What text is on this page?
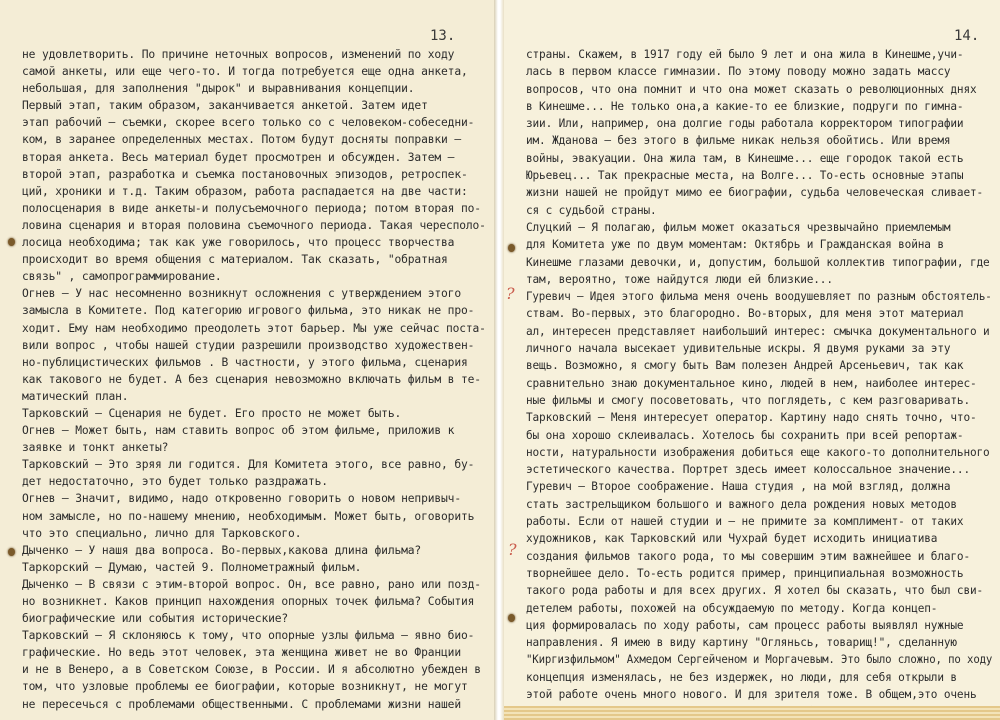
13.
не удовлетворить. По причине неточных вопросов, изменений по ходу
самой анкеты, или еще чего-то. И тогда потребуется еще одна анкета,
небольшая, для заполнения "дырок" и выравнивания концепции.
Первый этап, таким образом, заканчивается анкетой. Затем идет
этап рабочий – съемки, скорее всего только со с человеком-собеседни-
ком, в заранее определенных местах. Потом будут досняты поправки –
вторая анкета. Весь материал будет просмотрен и обсужден. Затем –
второй этап, разработка и съемка постановочных эпизодов, ретроспек-
ций, хроники и т.д. Таким образом, работа распадается на две части:
полосценария в виде анкеты-и полусъемочного периода; потом вторая по-
ловина сценария и вторая половина съемочного периода. Такая чересполо-
лосица необходима; так как уже говорилось, что процесс творчества
происходит во время общения с материалом. Так сказать, "обратная
связь" , самопрограммирование.
Огнев – У нас несомненно возникнут осложнения с утверждением этого
замысла в Комитете. Под категорию игрового фильма, это никак не про-
ходит. Ему нам необходимо преодолеть этот барьер. Мы уже сейчас поста-
вили вопрос , чтобы нашей студии разрешили производство художествен-
но-публицистических фильмов . В частности, у этого фильма, сценария
как такового не будет. А без сценария невозможно включать фильм в те-
матический план.
Тарковский – Сценария не будет. Его просто не может быть.
Огнев – Может быть, нам ставить вопрос об этом фильме, приложив к
заявке и тонкт анкеты?
Тарковский – Это зряя ли годится. Для Комитета этого, все равно, бу-
дет недостаточно, это будет только раздражать.
Огнев – Значит, видимо, надо откровенно говорить о новом непривыч-
ном замысле, но по-нашему мнению, необходимым. Может быть, оговорить
что это специально, лично для Тарковского.
Дыченко – У нашя два вопроса. Во-первых,какова длина фильма?
Таркорский – Думаю, частей 9. Полнометражный фильм.
Дыченко – В связи с этим-второй вопрос. Он, все равно, рано или позд-
но возникнет. Каков принцип нахождения опорных точек фильма? События
биографические или события исторические?
Тарковский – Я склоняюсь к тому, что опорные узлы фильма – явно био-
графические. Но ведь этот человек, эта женщина живет не во Франции
и не в Венеро, а в Советском Союзе, в России. И я абсолютно убежден в
том, что узловые проблемы ее биографии, которые возникнут, не могут
не пересечься с проблемами общественными. С проблемами жизни нашей
14.
?
?
страны. Скажем, в 1917 году ей было 9 лет и она жила в Кинешме,учи-
лась в первом классе гимназии. По этому поводу можно задать массу
вопросов, что она помнит и что она может сказать о революционных днях
в Кинешме... Не только она,а какие-то ее близкие, подруги по гимна-
зии. Или, например, она долгие годы работала корректором типографии
им. Жданова – без этого в фильме никак нельзя обойтись. Или время
войны, эвакуации. Она жила там, в Кинешме... еще городок такой есть
Юрьевец... Так прекрасные места, на Волге... То-есть основные этапы
жизни нашей не пройдут мимо ее биографии, судьба человеческая сливает-
ся с судьбой страны.
Слуцкий – Я полагаю, фильм может оказаться чрезвычайно приемлемым
для Комитета уже по двум моментам: Октябрь и Гражданская война в
Кинешме глазами девочки, и, допустим, большой коллектив типографии, где
там, вероятно, тоже найдутся люди ей близкие...
Гуревич – Идея этого фильма меня очень воодушевляет по разным обстоятель-
ствам. Во-первых, это благородно. Во-вторых, для меня этот материал
ал, интересен представляет наибольший интерес: смычка документального и
личного начала высекает удивительные искры. Я двумя руками за эту
вещь. Возможно, я смогу быть Вам полезен Андрей Арсеньевич, так как
сравнительно знаю документальное кино, людей в нем, наиболее интерес-
ные фильмы и смогу посоветовать, что поглядеть, с кем разговаривать.
Тарковский – Меня интересует оператор. Картину надо снять точно, что-
бы она хорошо склеивалась. Хотелось бы сохранить при всей репортаж-
ности, натуральности изображения добиться еще какого-то дополнительного
эстетического качества. Портрет здесь имеет колоссальное значение...
Гуревич – Второе соображение. Наша студия , на мой взгляд, должна
стать застрельщиком большого и важного дела рождения новых методов
работы. Если от нашей студии и – не примите за комплимент- от таких
художников, как Тарковский или Чухрай будет исходить инициатива
создания фильмов такого рода, то мы совершим этим важнейшее и благо-
творнейшее дело. То-есть родится пример, принципиальная возможность
такого рода работы и для всех других. Я хотел бы сказать, что был сви-
детелем работы, похожей на обсуждаемую по методу. Когда концеп-
ция формировалась по ходу работы, сам процесс работы выявлял нужные
направления. Я имею в виду картину "Огляньсь, товарищ!", сделанную
"Киргизфильмом" Ахмедом Сергейченом и Моргачевым. Это было сложно, по ходу
концепция изменялась, не без издержек, но люди, для себя открыли в
этой работе очень много нового. И для зрителя тоже. В общем,это очень
